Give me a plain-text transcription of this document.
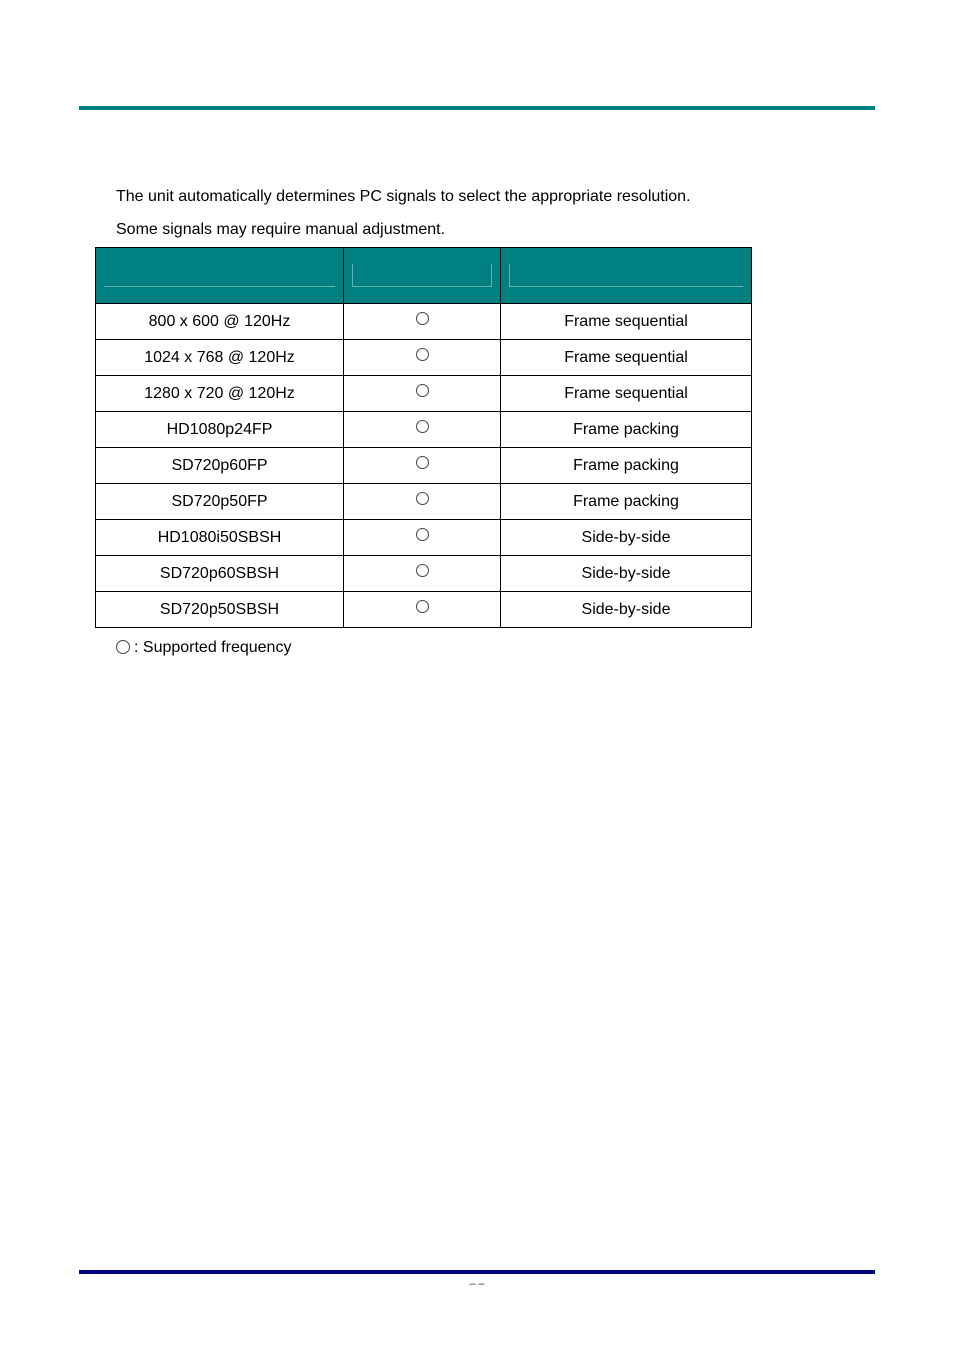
The unit automatically determines PC signals to select the appropriate resolution.

Some signals may require manual adjustment.

800 x 600 @ 120Hz		Frame sequential
1024 x 768 @ 120Hz		Frame sequential
1280 x 720 @ 120Hz		Frame sequential
HD1080p24FP		Frame packing
SD720p60FP		Frame packing
SD720p50FP		Frame packing
HD1080i50SBSH		Side-by-side
SD720p60SBSH		Side-by-side
SD720p50SBSH		Side-by-side
: Supported frequency
– –
